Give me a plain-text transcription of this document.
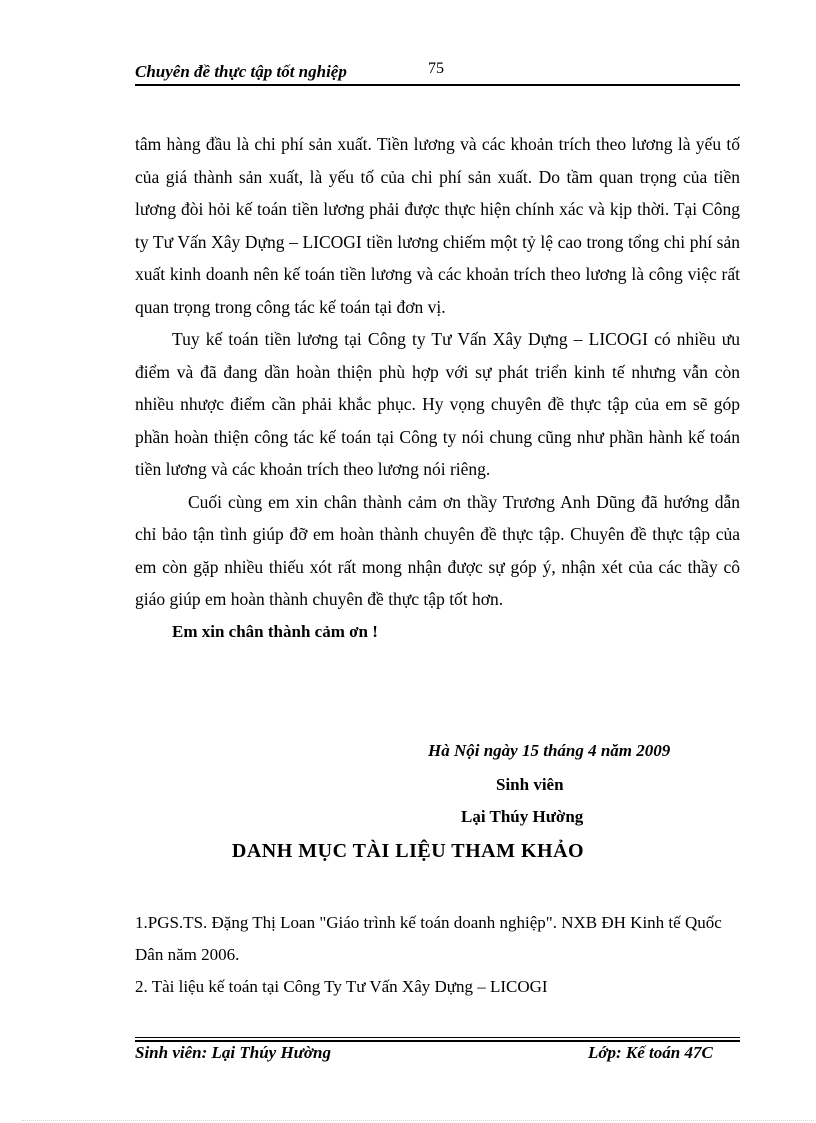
Chuyên đề thực tập tốt nghiệp	75

tâm hàng đầu là chi phí sản xuất. Tiền lương và các khoản trích theo lương là yếu tố của giá thành sản xuất, là yếu tố của chi phí sản xuất. Do tầm quan trọng của tiền lương đòi hỏi kế toán tiền lương phải được thực hiện chính xác và kịp thời. Tại Công ty Tư Vấn Xây Dựng – LICOGI tiền lương chiếm một tỷ lệ cao trong tổng chi phí sản xuất kinh doanh nên kế toán tiền lương và các khoản trích theo lương là công việc rất quan trọng trong công tác kế toán tại đơn vị.

Tuy kế toán tiền lương tại Công ty Tư Vấn Xây Dựng – LICOGI có nhiều ưu điểm và đã đang dần hoàn thiện phù hợp với sự phát triển kinh tế nhưng vẫn còn nhiều nhược điểm cần phải khắc phục. Hy vọng chuyên đề thực tập của em sẽ góp phần hoàn thiện công tác kế toán tại Công ty nói chung cũng như phần hành kế toán tiền lương và các khoản trích theo lương nói riêng.

Cuối cùng em xin chân thành cảm ơn thầy Trương Anh Dũng đã hướng dẫn chỉ bảo tận tình giúp đỡ em hoàn thành chuyên đề thực tập. Chuyên đề thực tập của em còn gặp nhiều thiếu xót rất mong nhận được sự góp ý, nhận xét của các thầy cô giáo giúp em hoàn thành chuyên đề thực tập tốt hơn.

Em xin chân thành cảm ơn !

Hà Nội ngày 15 tháng 4 năm 2009
Sinh viên
Lại Thúy Hường
DANH MỤC TÀI LIỆU THAM KHẢO

1.PGS.TS. Đặng Thị Loan "Giáo trình kế toán doanh nghiệp". NXB ĐH Kinh tế Quốc Dân năm 2006.

2. Tài liệu kế toán tại Công Ty Tư Vấn Xây Dựng – LICOGI

Sinh viên: Lại Thúy Hường	Lớp: Kế toán 47C
